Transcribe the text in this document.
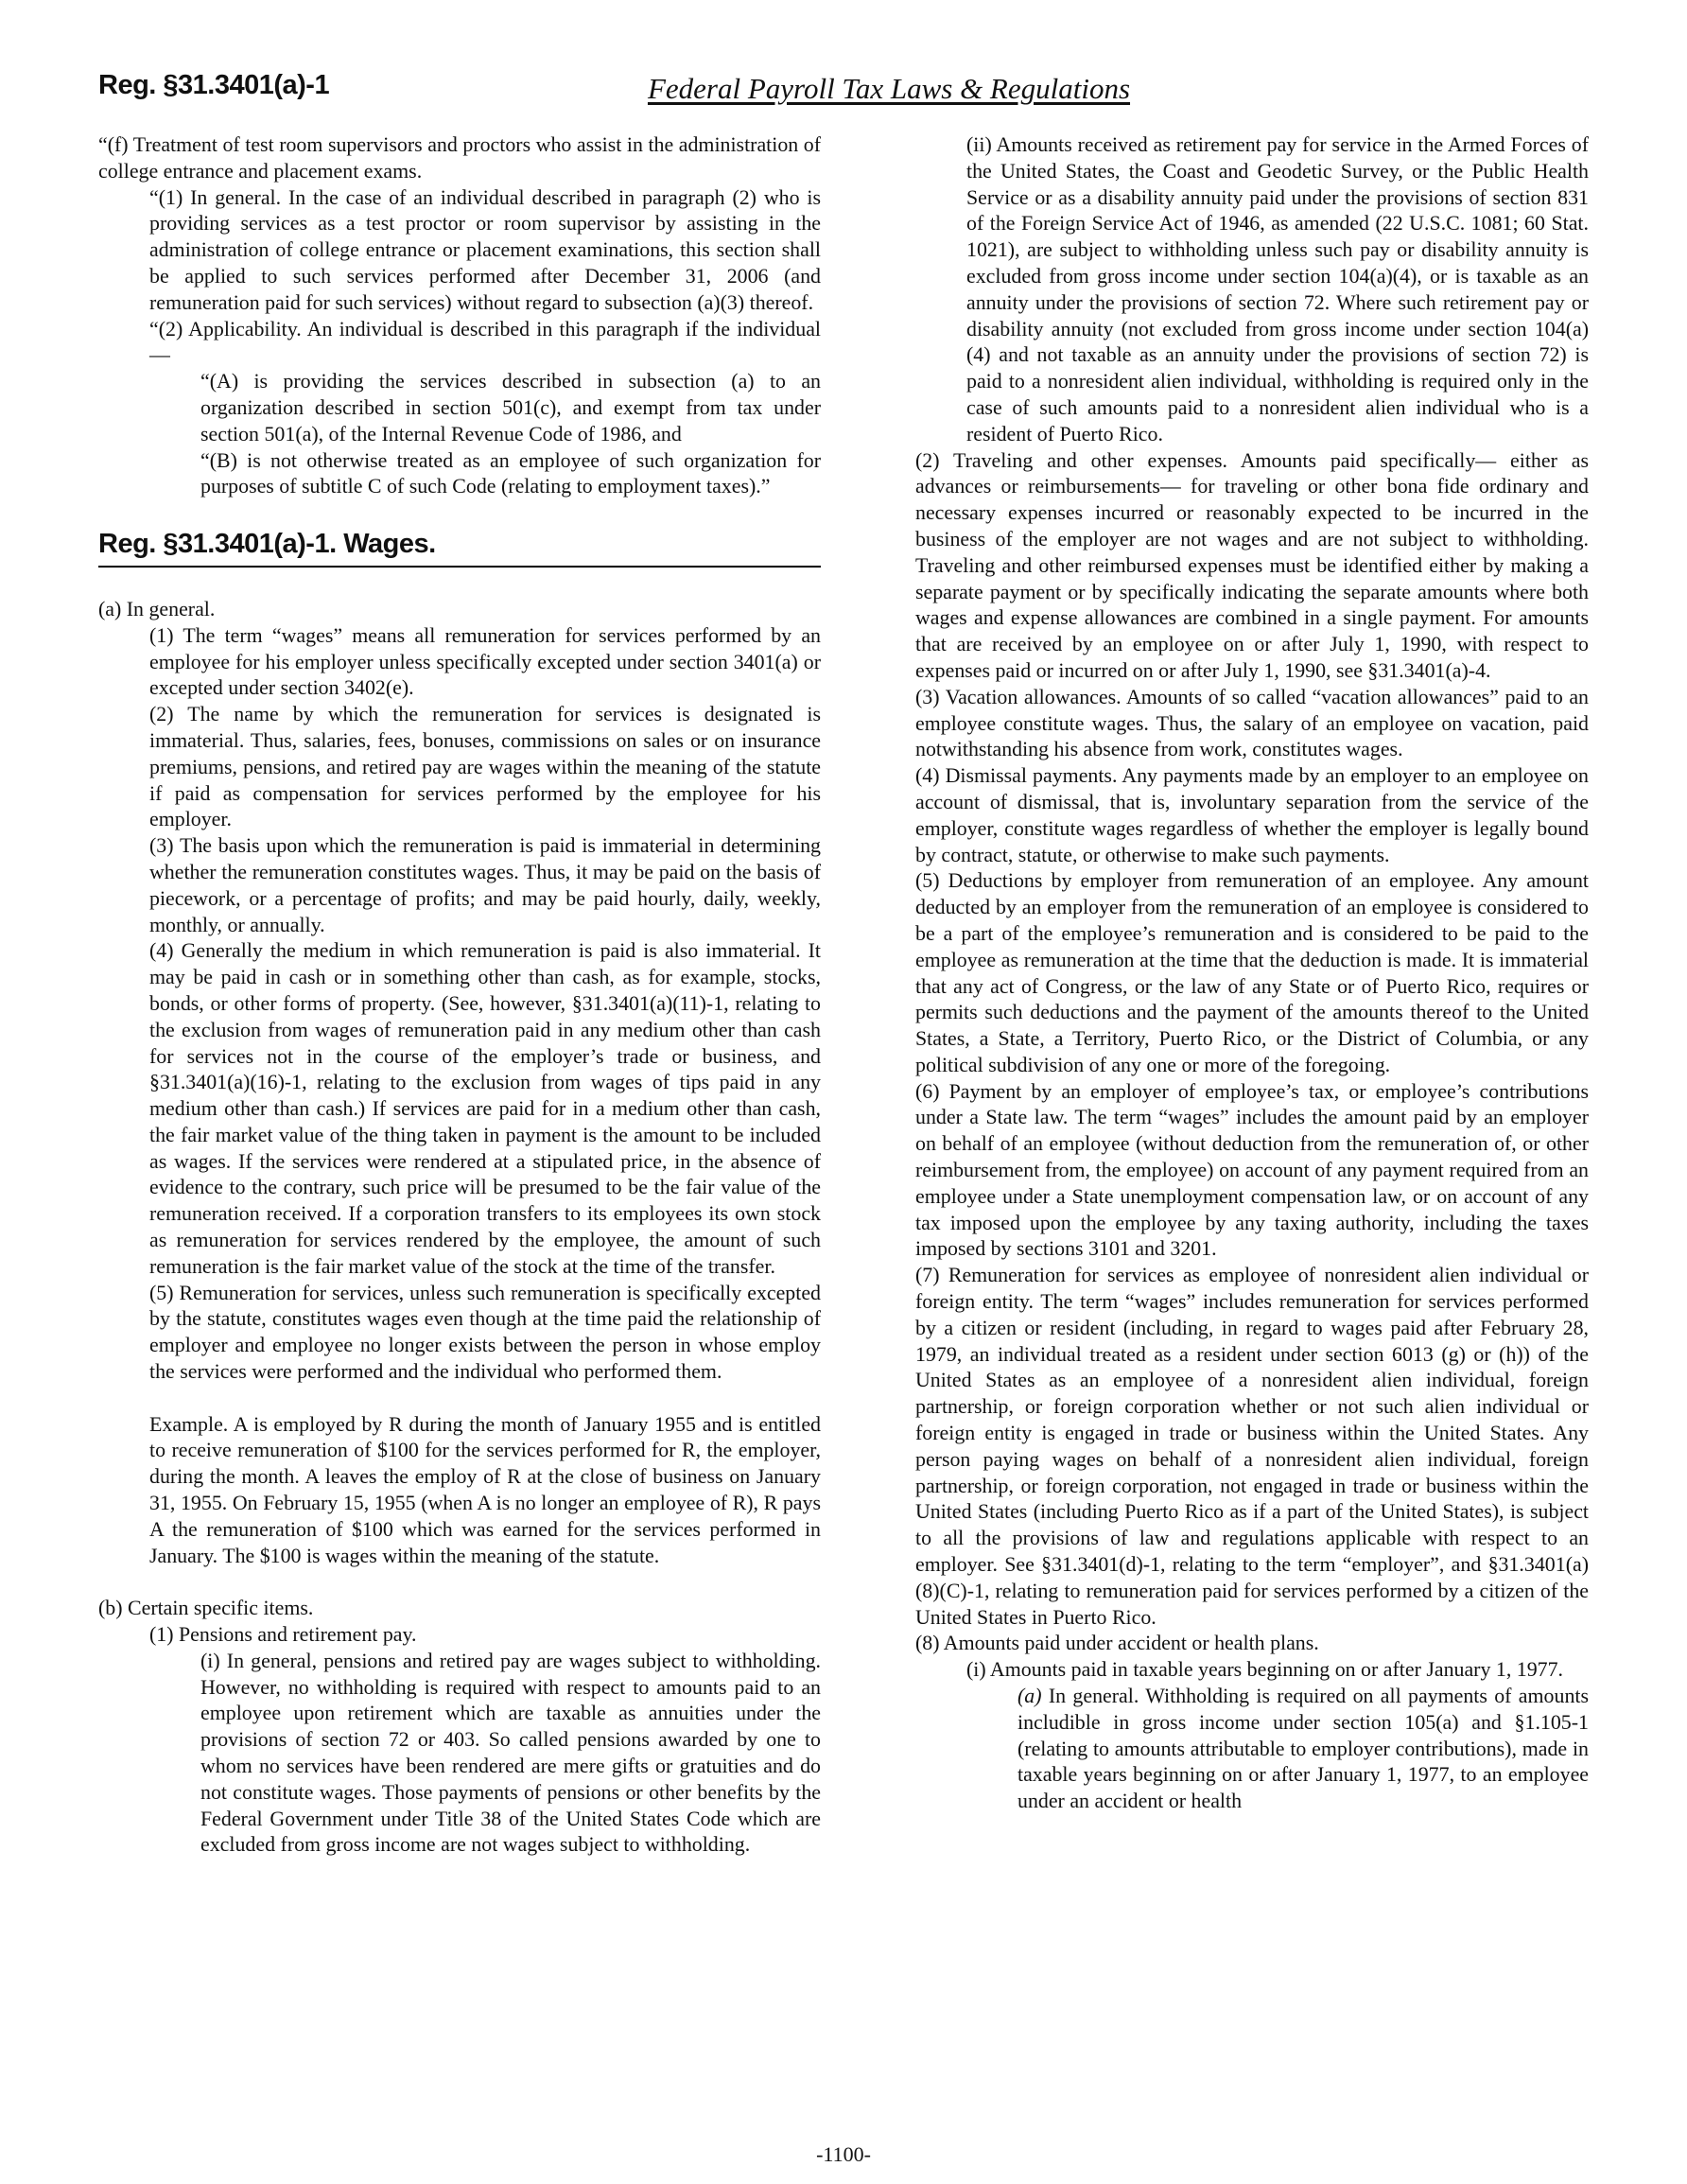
Reg. §31.3401(a)-1	Federal Payroll Tax Laws & Regulations

“(f) Treatment of test room supervisors and proctors who assist in the administration of college entrance and placement exams.

“(1) In general. In the case of an individual described in paragraph (2) who is providing services as a test proctor or room supervisor by assisting in the administration of college entrance or placement examinations, this section shall be applied to such services performed after December 31, 2006 (and remuneration paid for such services) without regard to subsection (a)(3) thereof.

“(2) Applicability. An individual is described in this paragraph if the individual—

“(A) is providing the services described in subsection (a) to an organization described in section 501(c), and exempt from tax under section 501(a), of the Internal Revenue Code of 1986, and

“(B) is not otherwise treated as an employee of such organization for purposes of subtitle C of such Code (relating to employment taxes).”

Reg. §31.3401(a)-1. Wages.

(a) In general.

(1) The term “wages” means all remuneration for services performed by an employee for his employer unless specifically excepted under section 3401(a) or excepted under section 3402(e).

(2) The name by which the remuneration for services is designated is immaterial. Thus, salaries, fees, bonuses, commissions on sales or on insurance premiums, pensions, and retired pay are wages within the meaning of the statute if paid as compensation for services performed by the employee for his employer.

(3) The basis upon which the remuneration is paid is immaterial in determining whether the remuneration constitutes wages. Thus, it may be paid on the basis of piecework, or a percentage of profits; and may be paid hourly, daily, weekly, monthly, or annually.

(4) Generally the medium in which remuneration is paid is also immaterial. It may be paid in cash or in something other than cash, as for example, stocks, bonds, or other forms of property. (See, however, §31.3401(a)(11)-1, relating to the exclusion from wages of remuneration paid in any medium other than cash for services not in the course of the employer’s trade or business, and §31.3401(a)(16)-1, relating to the exclusion from wages of tips paid in any medium other than cash.) If services are paid for in a medium other than cash, the fair market value of the thing taken in payment is the amount to be included as wages. If the services were rendered at a stipulated price, in the absence of evidence to the contrary, such price will be presumed to be the fair value of the remuneration received. If a corporation transfers to its employees its own stock as remuneration for services rendered by the employee, the amount of such remuneration is the fair market value of the stock at the time of the transfer.

(5) Remuneration for services, unless such remuneration is specifically excepted by the statute, constitutes wages even though at the time paid the relationship of employer and employee no longer exists between the person in whose employ the services were performed and the individual who performed them.

Example. A is employed by R during the month of January 1955 and is entitled to receive remuneration of $100 for the services performed for R, the employer, during the month. A leaves the employ of R at the close of business on January 31, 1955. On February 15, 1955 (when A is no longer an employee of R), R pays A the remuneration of $100 which was earned for the services performed in January. The $100 is wages within the meaning of the statute.

(b) Certain specific items.

(1) Pensions and retirement pay.

(i) In general, pensions and retired pay are wages subject to withholding. However, no withholding is required with respect to amounts paid to an employee upon retirement which are taxable as annuities under the provisions of section 72 or 403. So called pensions awarded by one to whom no services have been rendered are mere gifts or gratuities and do not constitute wages. Those payments of pensions or other benefits by the Federal Government under Title 38 of the United States Code which are excluded from gross income are not wages subject to withholding.

(ii) Amounts received as retirement pay for service in the Armed Forces of the United States, the Coast and Geodetic Survey, or the Public Health Service or as a disability annuity paid under the provisions of section 831 of the Foreign Service Act of 1946, as amended (22 U.S.C. 1081; 60 Stat. 1021), are subject to withholding unless such pay or disability annuity is excluded from gross income under section 104(a)(4), or is taxable as an annuity under the provisions of section 72. Where such retirement pay or disability annuity (not excluded from gross income under section 104(a)(4) and not taxable as an annuity under the provisions of section 72) is paid to a nonresident alien individual, withholding is required only in the case of such amounts paid to a nonresident alien individual who is a resident of Puerto Rico.

(2) Traveling and other expenses. Amounts paid specifically— either as advances or reimbursements— for traveling or other bona fide ordinary and necessary expenses incurred or reasonably expected to be incurred in the business of the employer are not wages and are not subject to withholding. Traveling and other reimbursed expenses must be identified either by making a separate payment or by specifically indicating the separate amounts where both wages and expense allowances are combined in a single payment. For amounts that are received by an employee on or after July 1, 1990, with respect to expenses paid or incurred on or after July 1, 1990, see §31.3401(a)-4.

(3) Vacation allowances. Amounts of so called “vacation allowances” paid to an employee constitute wages. Thus, the salary of an employee on vacation, paid notwithstanding his absence from work, constitutes wages.

(4) Dismissal payments. Any payments made by an employer to an employee on account of dismissal, that is, involuntary separation from the service of the employer, constitute wages regardless of whether the employer is legally bound by contract, statute, or otherwise to make such payments.

(5) Deductions by employer from remuneration of an employee. Any amount deducted by an employer from the remuneration of an employee is considered to be a part of the employee’s remuneration and is considered to be paid to the employee as remuneration at the time that the deduction is made. It is immaterial that any act of Congress, or the law of any State or of Puerto Rico, requires or permits such deductions and the payment of the amounts thereof to the United States, a State, a Territory, Puerto Rico, or the District of Columbia, or any political subdivision of any one or more of the foregoing.

(6) Payment by an employer of employee’s tax, or employee’s contributions under a State law. The term “wages” includes the amount paid by an employer on behalf of an employee (without deduction from the remuneration of, or other reimbursement from, the employee) on account of any payment required from an employee under a State unemployment compensation law, or on account of any tax imposed upon the employee by any taxing authority, including the taxes imposed by sections 3101 and 3201.

(7) Remuneration for services as employee of nonresident alien individual or foreign entity. The term “wages” includes remuneration for services performed by a citizen or resident (including, in regard to wages paid after February 28, 1979, an individual treated as a resident under section 6013 (g) or (h)) of the United States as an employee of a nonresident alien individual, foreign partnership, or foreign corporation whether or not such alien individual or foreign entity is engaged in trade or business within the United States. Any person paying wages on behalf of a nonresident alien individual, foreign partnership, or foreign corporation, not engaged in trade or business within the United States (including Puerto Rico as if a part of the United States), is subject to all the provisions of law and regulations applicable with respect to an employer. See §31.3401(d)-1, relating to the term “employer”, and §31.3401(a)(8)(C)-1, relating to remuneration paid for services performed by a citizen of the United States in Puerto Rico.

(8) Amounts paid under accident or health plans.

(i) Amounts paid in taxable years beginning on or after January 1, 1977.

(a) In general. Withholding is required on all payments of amounts includible in gross income under section 105(a) and §1.105-1 (relating to amounts attributable to employer contributions), made in taxable years beginning on or after January 1, 1977, to an employee under an accident or health

-1100-
